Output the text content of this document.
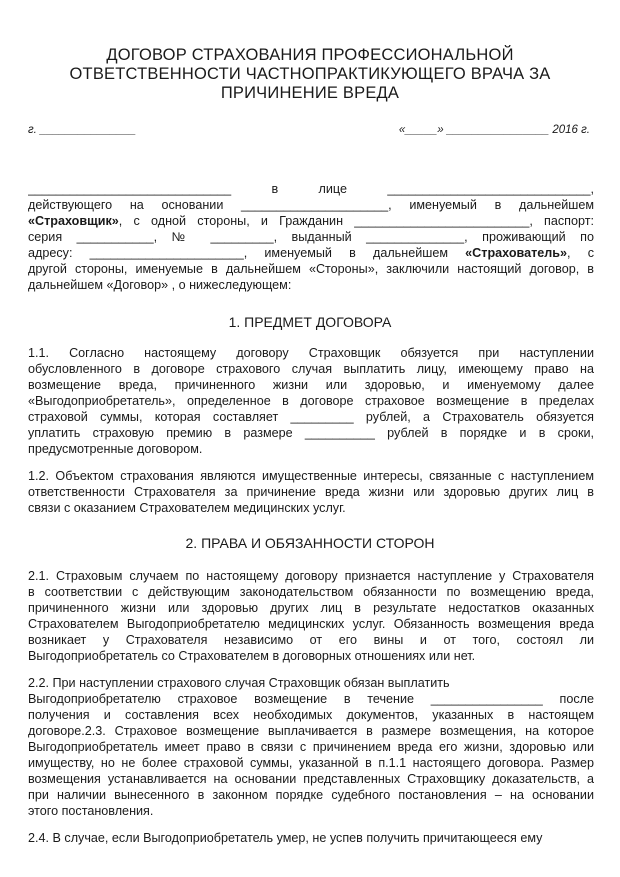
ДОГОВОР СТРАХОВАНИЯ ПРОФЕССИОНАЛЬНОЙ
ОТВЕТСТВЕННОСТИ ЧАСТНОПРАКТИКУЮЩЕГО ВРАЧА ЗА
ПРИЧИНЕНИЕ ВРЕДА
г. _______________	«_____» ________________ 2016 г.
_____________________________ в лице _____________________________,
действующего на основании _____________________, именуемый в дальнейшем
«Страховщик», с одной стороны, и Гражданин _________________________, паспорт:
серия ___________, № _________, выданный ______________, проживающий по
адресу: ______________________, именуемый в дальнейшем «Страхователь», с
другой стороны, именуемые в дальнейшем «Стороны», заключили настоящий договор, в
дальнейшем «Договор» , о нижеследующем:
1. ПРЕДМЕТ ДОГОВОРА
1.1. Согласно настоящему договору Страховщик обязуется при наступлении
обусловленного в договоре страхового случая выплатить лицу, имеющему право на
возмещение вреда, причиненного жизни или здоровью, и именуемому далее
«Выгодоприобретатель», определенное в договоре страховое возмещение в пределах
страховой суммы, которая составляет _________ рублей, а Страхователь обязуется
уплатить страховую премию в размере __________ рублей в порядке и в сроки,
предусмотренные договором.
1.2. Объектом страхования являются имущественные интересы, связанные с наступлением
ответственности Страхователя за причинение вреда жизни или здоровью других лиц в
связи с оказанием Страхователем медицинских услуг.
2. ПРАВА И ОБЯЗАННОСТИ СТОРОН
2.1. Страховым случаем по настоящему договору признается наступление у Страхователя
в соответствии с действующим законодательством обязанности по возмещению вреда,
причиненного жизни или здоровью других лиц в результате недостатков оказанных
Страхователем Выгодоприобретателю медицинских услуг. Обязанность возмещения вреда
возникает у Страхователя независимо от его вины и от того, состоял ли
Выгодоприобретатель со Страхователем в договорных отношениях или нет.
2.2. При наступлении страхового случая Страховщик обязан выплатить
Выгодоприобретателю страховое возмещение в течение ________________ после
получения и составления всех необходимых документов, указанных в настоящем
договоре.2.3. Страховое возмещение выплачивается в размере возмещения, на которое
Выгодоприобретатель имеет право в связи с причинением вреда его жизни, здоровью или
имуществу, но не более страховой суммы, указанной в п.1.1 настоящего договора. Размер
возмещения устанавливается на основании представленных Страховщику доказательств, а
при наличии вынесенного в законном порядке судебного постановления – на основании
этого постановления.
2.4. В случае, если Выгодоприобретатель умер, не успев получить причитающееся ему
